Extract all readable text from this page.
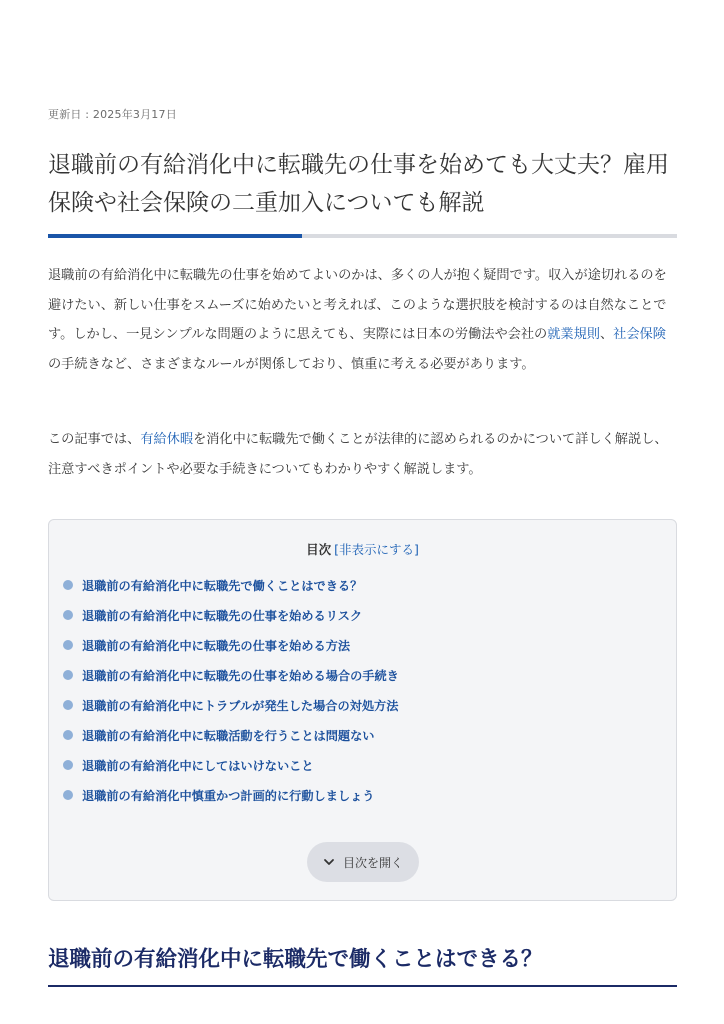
更新日 : 2025年3月17日
退職前の有給消化中に転職先の仕事を始めても大丈夫？雇用保険や社会保険の二重加入についても解説

退職前の有給消化中に転職先の仕事を始めてよいのかは、多くの人が抱く疑問です。収入が途切れるのを避けたい、新しい仕事をスムーズに始めたいと考えれば、このような選択肢を検討するのは自然なことです。しかし、一見シンプルな問題のように思えても、実際には日本の労働法や会社の就業規則、社会保険の手続きなど、さまざまなルールが関係しており、慎重に考える必要があります。

この記事では、有給休暇を消化中に転職先で働くことが法律的に認められるのかについて詳しく解説し、注意すべきポイントや必要な手続きについてもわかりやすく解説します。

目次 [非表示にする]
退職前の有給消化中に転職先で働くことはできる？
退職前の有給消化中に転職先の仕事を始めるリスク
退職前の有給消化中に転職先の仕事を始める方法
退職前の有給消化中に転職先の仕事を始める場合の手続き
退職前の有給消化中にトラブルが発生した場合の対処方法
退職前の有給消化中に転職活動を行うことは問題ない
退職前の有給消化中にしてはいけないこと
退職前の有給消化中慎重かつ計画的に行動しましょう
目次を開く
退職前の有給消化中に転職先で働くことはできる？
